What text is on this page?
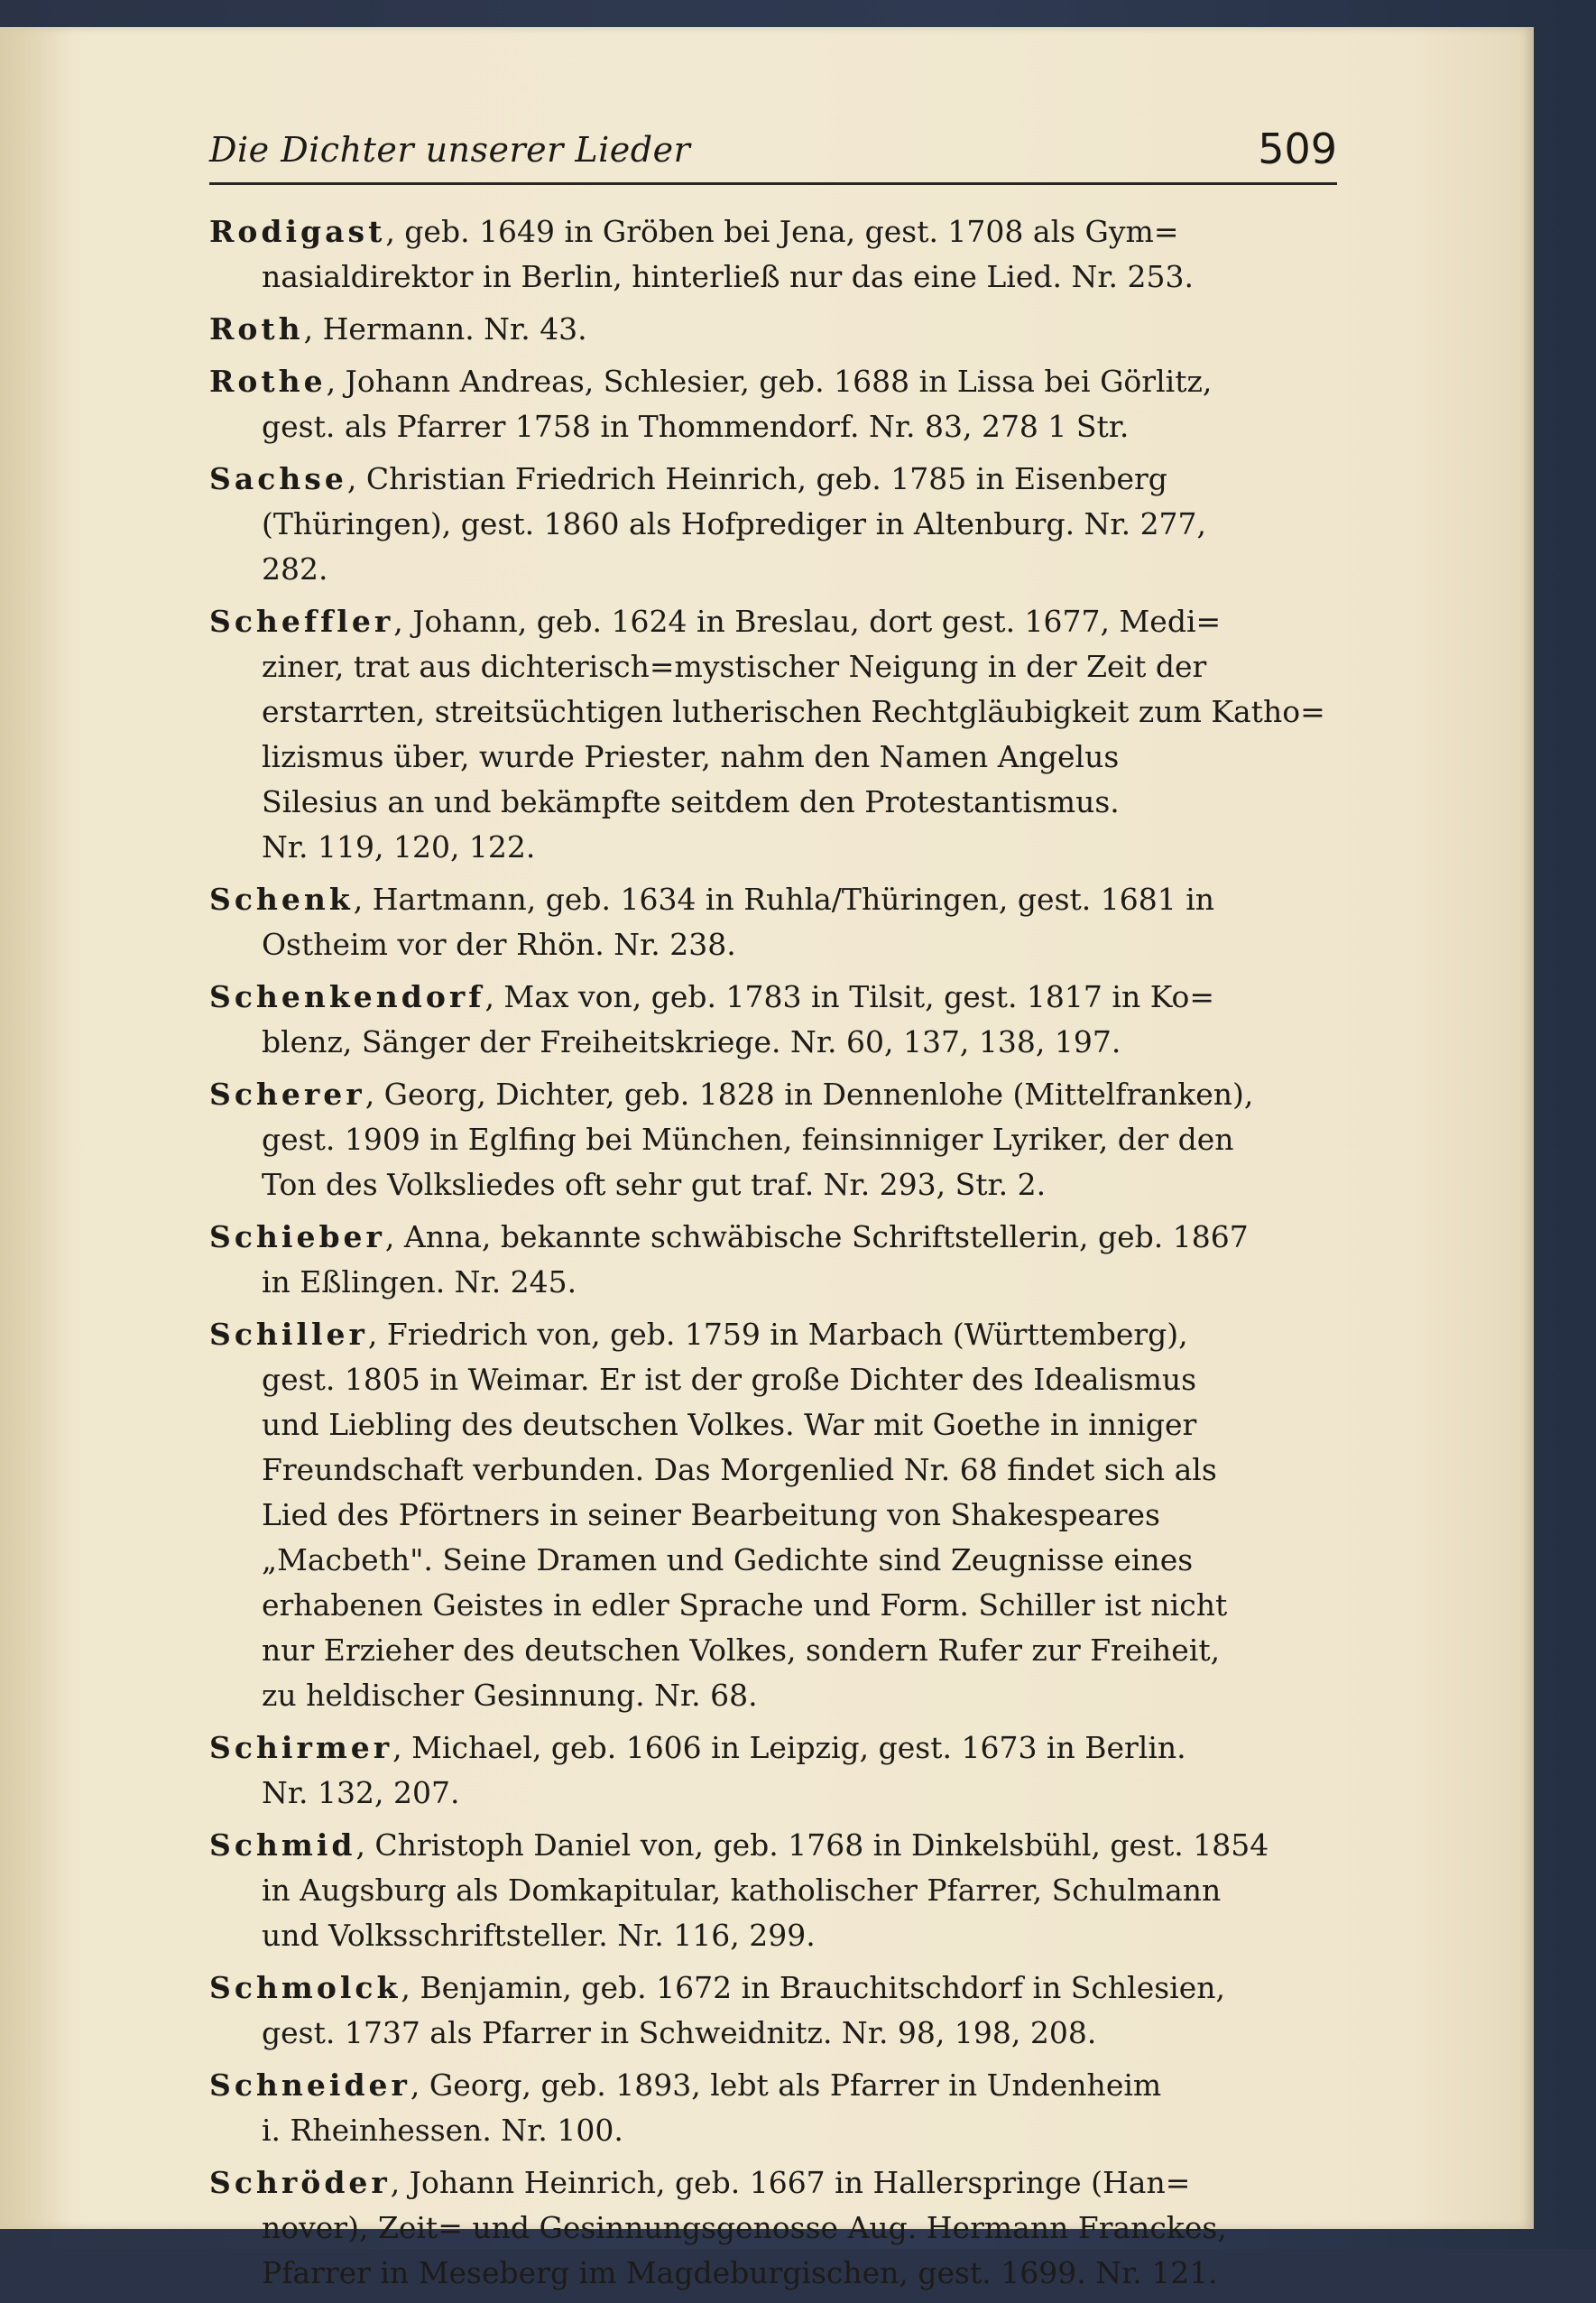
Die Dichter unserer Lieder	509
Rodigast, geb. 1649 in Gröben bei Jena, gest. 1708 als Gym=
nasialdirektor in Berlin, hinterließ nur das eine Lied. Nr. 253.
Roth, Hermann. Nr. 43.
Rothe, Johann Andreas, Schlesier, geb. 1688 in Lissa bei Görlitz,
gest. als Pfarrer 1758 in Thommendorf. Nr. 83, 278 1 Str.
Sachse, Christian Friedrich Heinrich, geb. 1785 in Eisenberg
(Thüringen), gest. 1860 als Hofprediger in Altenburg. Nr. 277,
282.
Scheffler, Johann, geb. 1624 in Breslau, dort gest. 1677, Medi=
ziner, trat aus dichterisch=mystischer Neigung in der Zeit der
erstarrten, streitsüchtigen lutherischen Rechtgläubigkeit zum Katho=
lizismus über, wurde Priester, nahm den Namen Angelus
Silesius an und bekämpfte seitdem den Protestantismus.
Nr. 119, 120, 122.
Schenk, Hartmann, geb. 1634 in Ruhla/Thüringen, gest. 1681 in
Ostheim vor der Rhön. Nr. 238.
Schenkendorf, Max von, geb. 1783 in Tilsit, gest. 1817 in Ko=
blenz, Sänger der Freiheitskriege. Nr. 60, 137, 138, 197.
Scherer, Georg, Dichter, geb. 1828 in Dennenlohe (Mittelfranken),
gest. 1909 in Eglfing bei München, feinsinniger Lyriker, der den
Ton des Volksliedes oft sehr gut traf. Nr. 293, Str. 2.
Schieber, Anna, bekannte schwäbische Schriftstellerin, geb. 1867
in Eßlingen. Nr. 245.
Schiller, Friedrich von, geb. 1759 in Marbach (Württemberg),
gest. 1805 in Weimar. Er ist der große Dichter des Idealismus
und Liebling des deutschen Volkes. War mit Goethe in inniger
Freundschaft verbunden. Das Morgenlied Nr. 68 findet sich als
Lied des Pförtners in seiner Bearbeitung von Shakespeares
„Macbeth". Seine Dramen und Gedichte sind Zeugnisse eines
erhabenen Geistes in edler Sprache und Form. Schiller ist nicht
nur Erzieher des deutschen Volkes, sondern Rufer zur Freiheit,
zu heldischer Gesinnung. Nr. 68.
Schirmer, Michael, geb. 1606 in Leipzig, gest. 1673 in Berlin.
Nr. 132, 207.
Schmid, Christoph Daniel von, geb. 1768 in Dinkelsbühl, gest. 1854
in Augsburg als Domkapitular, katholischer Pfarrer, Schulmann
und Volksschriftsteller. Nr. 116, 299.
Schmolck, Benjamin, geb. 1672 in Brauchitschdorf in Schlesien,
gest. 1737 als Pfarrer in Schweidnitz. Nr. 98, 198, 208.
Schneider, Georg, geb. 1893, lebt als Pfarrer in Undenheim
i. Rheinhessen. Nr. 100.
Schröder, Johann Heinrich, geb. 1667 in Hallerspringe (Han=
nover), Zeit= und Gesinnungsgenosse Aug. Hermann Franckes,
Pfarrer in Meseberg im Magdeburgischen, gest. 1699. Nr. 121.
